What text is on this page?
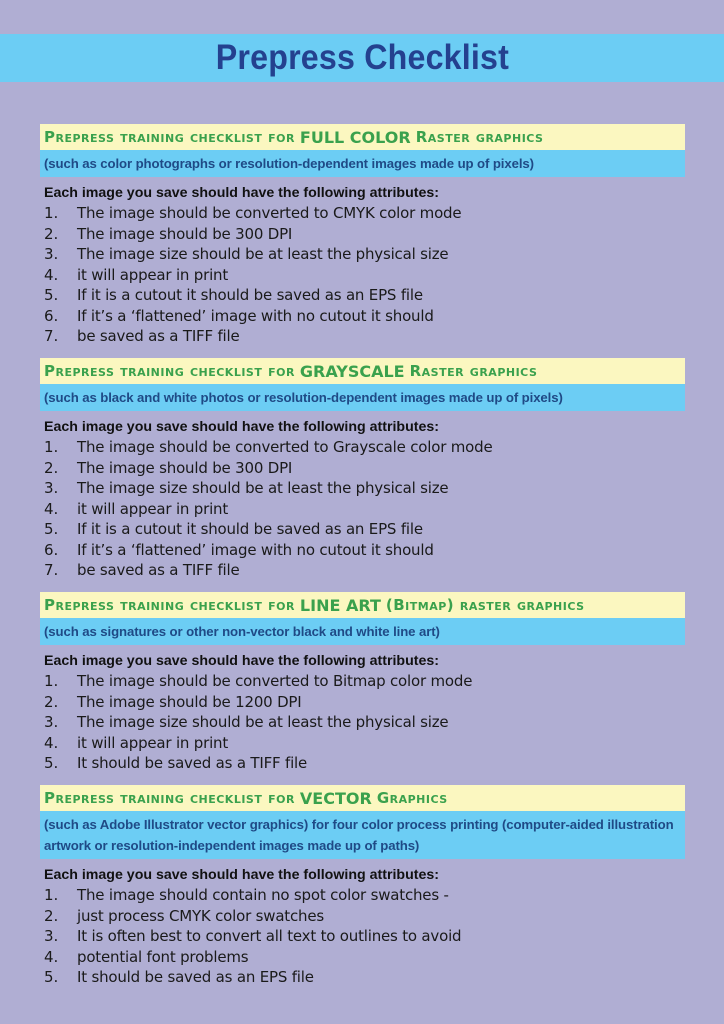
Prepress Checklist
Prepress training checklist for FULL COLOR raster graphics
(such as color photographs or resolution-dependent images made up of pixels)
Each image you save should have the following attributes:
1.	The image should be converted to CMYK color mode
2.	The image should be 300 DPI
3.	The image size should be at least the physical size
4.	it will appear in print
5.	If it is a cutout it should be saved as an EPS file
6.	If it’s a ‘flattened’ image with no cutout it should
7.	be saved as a TIFF file
Prepress training checklist for GRAYSCALE raster graphics
(such as black and white photos or resolution-dependent images made up of pixels)
Each image you save should have the following attributes:
1.	The image should be converted to Grayscale color mode
2.	The image should be 300 DPI
3.	The image size should be at least the physical size
4.	it will appear in print
5.	If it is a cutout it should be saved as an EPS file
6.	If it’s a ‘flattened’ image with no cutout it should
7.	be saved as a TIFF file
Prepress training checklist for LINE ART (bitmap) raster graphics
(such as signatures or other non-vector black and white line art)
Each image you save should have the following attributes:
1.	The image should be converted to Bitmap color mode
2.	The image should be 1200 DPI
3.	The image size should be at least the physical size
4.	it will appear in print
5.	It should be saved as a TIFF file
Prepress training checklist for VECTOR graphics
(such as Adobe Illustrator vector graphics) for four color process printing (computer-aided illustration artwork or resolution-independent images made up of paths)
Each image you save should have the following attributes:
1.	The image should contain no spot color swatches -
2.	just process CMYK color swatches
3.	It is often best to convert all text to outlines to avoid
4.	potential font problems
5.	It should be saved as an EPS file
